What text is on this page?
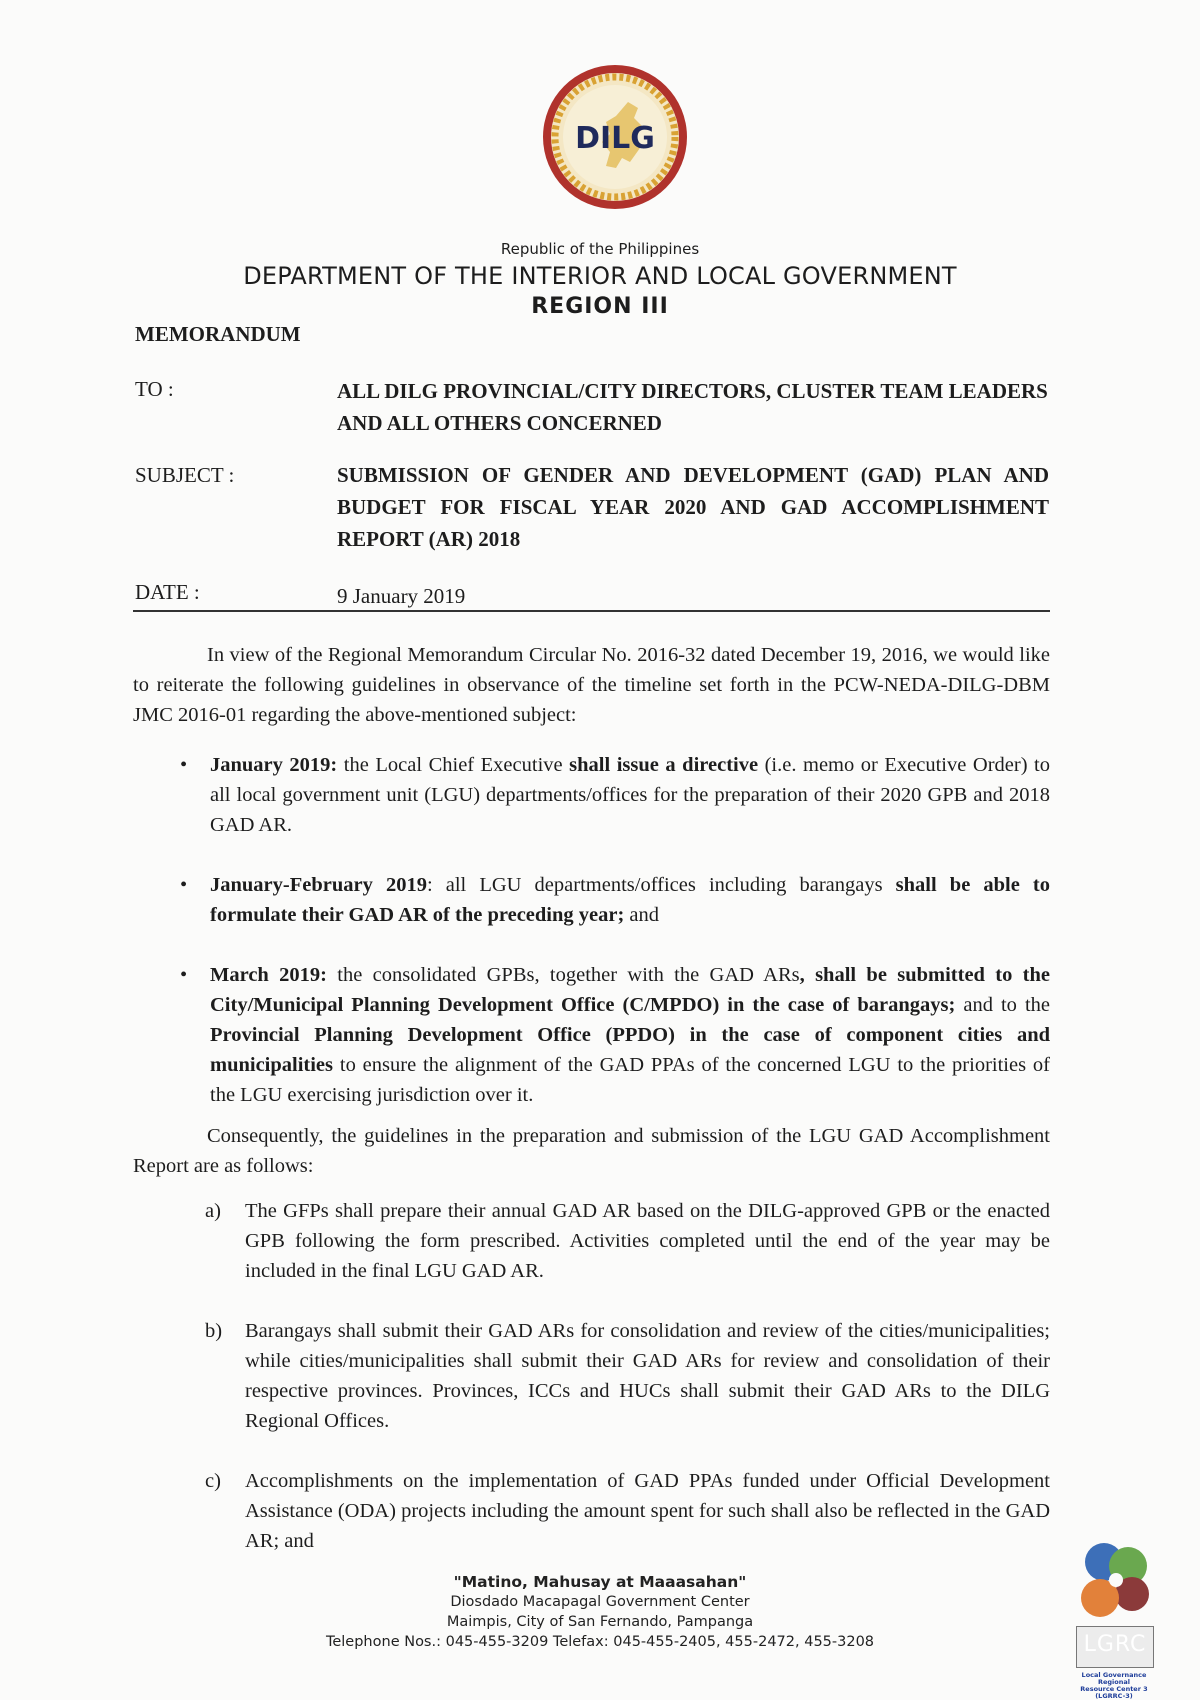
DILG
Republic of the Philippines
DEPARTMENT OF THE INTERIOR AND LOCAL GOVERNMENT
REGION III
MEMORANDUM
TO :	ALL DILG PROVINCIAL/CITY DIRECTORS, CLUSTER TEAM LEADERS AND ALL OTHERS CONCERNED
SUBJECT :	SUBMISSION OF GENDER AND DEVELOPMENT (GAD) PLAN AND BUDGET FOR FISCAL YEAR 2020 AND GAD ACCOMPLISHMENT REPORT (AR) 2018
DATE :	9 January 2019

In view of the Regional Memorandum Circular No. 2016-32 dated December 19, 2016, we would like to reiterate the following guidelines in observance of the timeline set forth in the PCW-NEDA-DILG-DBM JMC 2016-01 regarding the above-mentioned subject:

• January 2019: the Local Chief Executive shall issue a directive (i.e. memo or Executive Order) to all local government unit (LGU) departments/offices for the preparation of their 2020 GPB and 2018 GAD AR.
• January-February 2019: all LGU departments/offices including barangays shall be able to formulate their GAD AR of the preceding year; and
• March 2019: the consolidated GPBs, together with the GAD ARs, shall be submitted to the City/Municipal Planning Development Office (C/MPDO) in the case of barangays; and to the Provincial Planning Development Office (PPDO) in the case of component cities and municipalities to ensure the alignment of the GAD PPAs of the concerned LGU to the priorities of the LGU exercising jurisdiction over it.

Consequently, the guidelines in the preparation and submission of the LGU GAD Accomplishment Report are as follows:

a) The GFPs shall prepare their annual GAD AR based on the DILG-approved GPB or the enacted GPB following the form prescribed. Activities completed until the end of the year may be included in the final LGU GAD AR.
b) Barangays shall submit their GAD ARs for consolidation and review of the cities/municipalities; while cities/municipalities shall submit their GAD ARs for review and consolidation of their respective provinces. Provinces, ICCs and HUCs shall submit their GAD ARs to the DILG Regional Offices.
c) Accomplishments on the implementation of GAD PPAs funded under Official Development Assistance (ODA) projects including the amount spent for such shall also be reflected in the GAD AR; and
"Matino, Mahusay at Maaasahan"
Diosdado Macapagal Government Center
Maimpis, City of San Fernando, Pampanga
Telephone Nos.: 045-455-3209 Telefax: 045-455-2405, 455-2472, 455-3208	LGRC
Local Governance Regional
Resource Center 3 (LGRRC-3)
